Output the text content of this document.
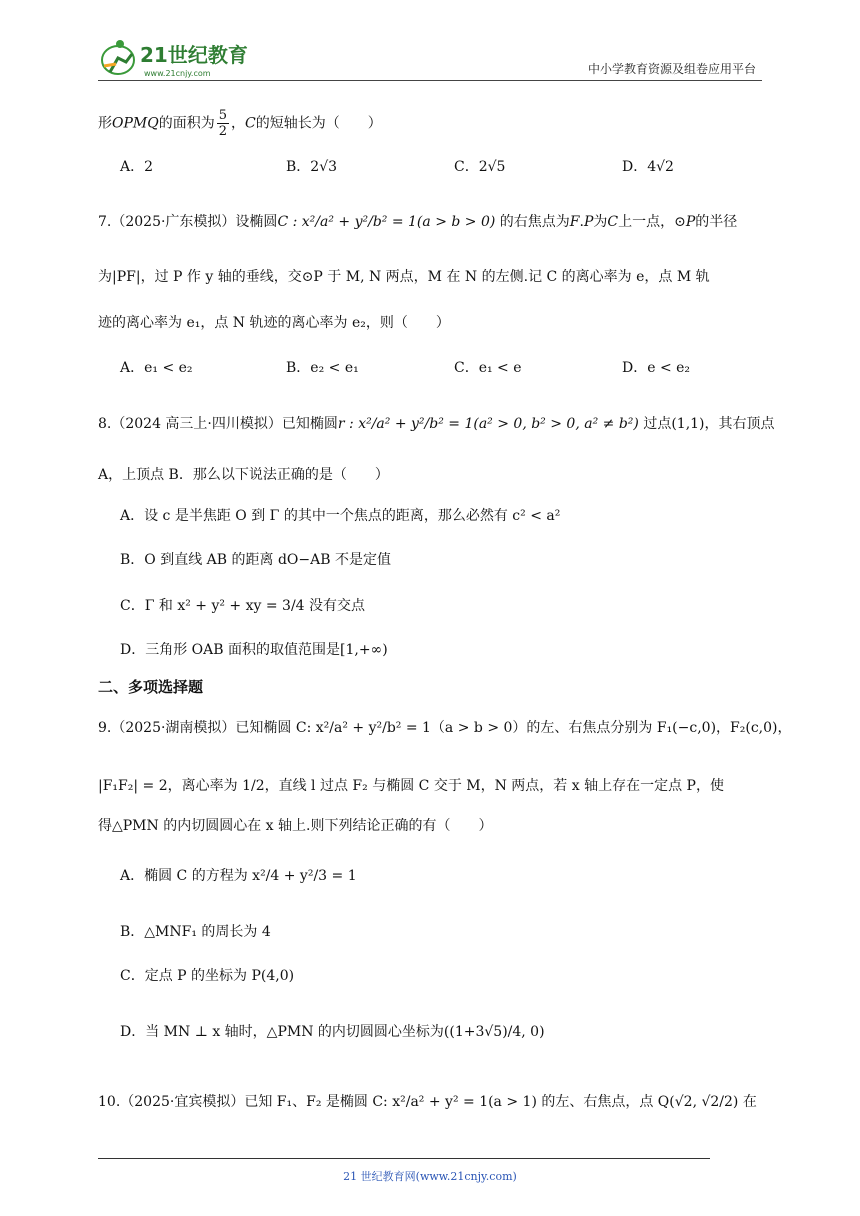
21世纪教育
www.21cnjy.com	中小学教育资源及组卷应用平台
形OPMQ的面积为 $\frac{5}{2}$ ，C的短轴长为（　　）
A．2	B．2√3	C．2√5	D．4√2
7.（2025·广东模拟）设椭圆C : x²/a² + y²/b² = 1(a > b > 0) 的右焦点为F.P为C上一点，⊙P的半径
为|PF|，过 P 作 y 轴的垂线，交⊙P 于 M, N 两点，M 在 N 的左侧.记 C 的离心率为 e，点 M 轨
迹的离心率为 e₁，点 N 轨迹的离心率为 e₂，则（　　）
A．e₁ < e₂	B．e₂ < e₁	C．e₁ < e	D．e < e₂
8.（2024 高三上·四川模拟）已知椭圆r : x²/a² + y²/b² = 1(a² > 0, b² > 0, a² ≠ b²) 过点(1,1)，其右顶点
A，上顶点 B．那么以下说法正确的是（　　）
A．设 c 是半焦距 O 到 Γ 的其中一个焦点的距离，那么必然有 c² < a²
B．O 到直线 AB 的距离 dO−AB 不是定值
C．Γ 和 x² + y² + xy = 3/4 没有交点
D．三角形 OAB 面积的取值范围是[1,+∞)
二、多项选择题
9.（2025·湖南模拟）已知椭圆 C: x²/a² + y²/b² = 1（a > b > 0）的左、右焦点分别为 F₁(−c,0)，F₂(c,0)，
|F₁F₂| = 2，离心率为 1/2，直线 l 过点 F₂ 与椭圆 C 交于 M，N 两点，若 x 轴上存在一定点 P，使
得△PMN 的内切圆圆心在 x 轴上.则下列结论正确的有（　　）
A．椭圆 C 的方程为 x²/4 + y²/3 = 1
B．△MNF₁ 的周长为 4
C．定点 P 的坐标为 P(4,0)
D．当 MN ⊥ x 轴时，△PMN 的内切圆圆心坐标为((1+3√5)/4, 0)
10.（2025·宜宾模拟）已知 F₁、F₂ 是椭圆 C: x²/a² + y² = 1(a > 1) 的左、右焦点，点 Q(√2, √2/2) 在
21 世纪教育网(www.21cnjy.com)
